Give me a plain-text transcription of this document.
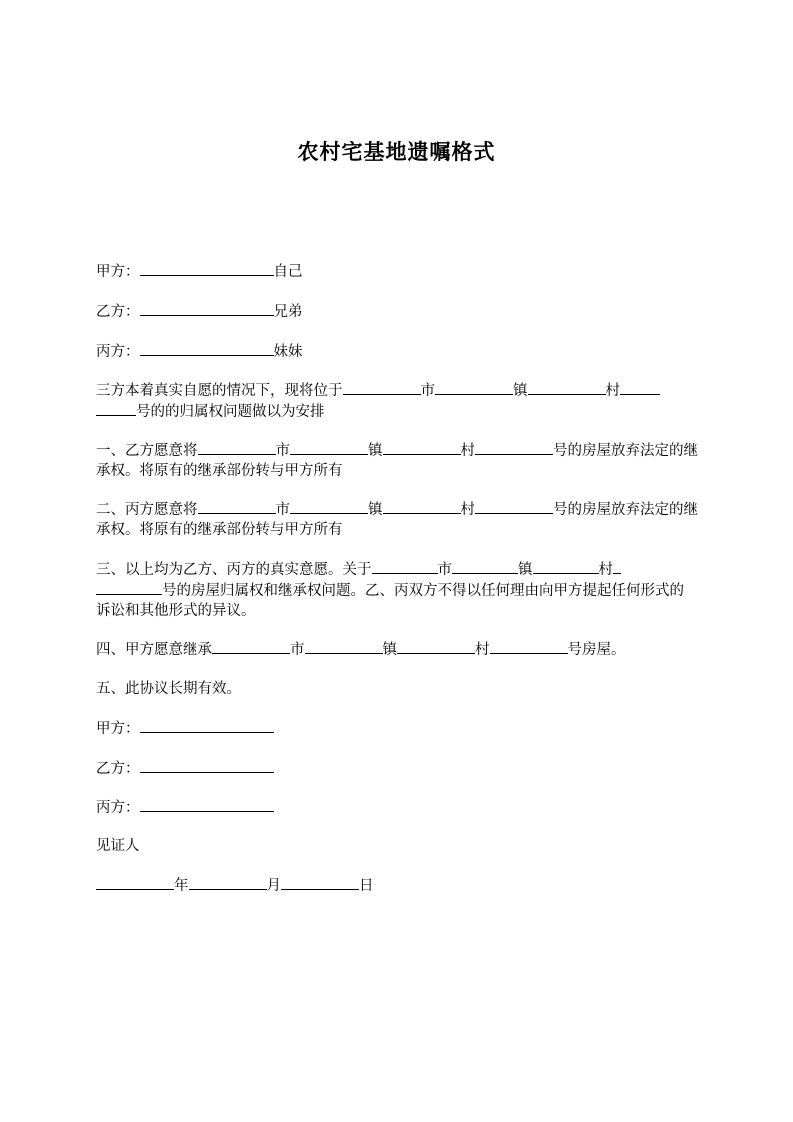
农村宅基地遗嘱格式

甲方：	自己

乙方：	兄弟

丙方：	妹妹

三方本着真实自愿的情况下，现将位于	市	镇	村
号的的归属权问题做以为安排

一、乙方愿意将	市	镇	村	号的房屋放弃法定的继承权。将原有的继承部份转与甲方所有

二、丙方愿意将	市	镇	村	号的房屋放弃法定的继承权。将原有的继承部份转与甲方所有

三、以上均为乙方、丙方的真实意愿。关于	市	镇	村
号的房屋归属权和继承权问题。乙、丙双方不得以任何理由向甲方提起任何形式的诉讼和其他形式的异议。

四、甲方愿意继承	市	镇	村	号房屋。

五、此协议长期有效。

甲方：

乙方：

丙方：

见证人

年	月	日
